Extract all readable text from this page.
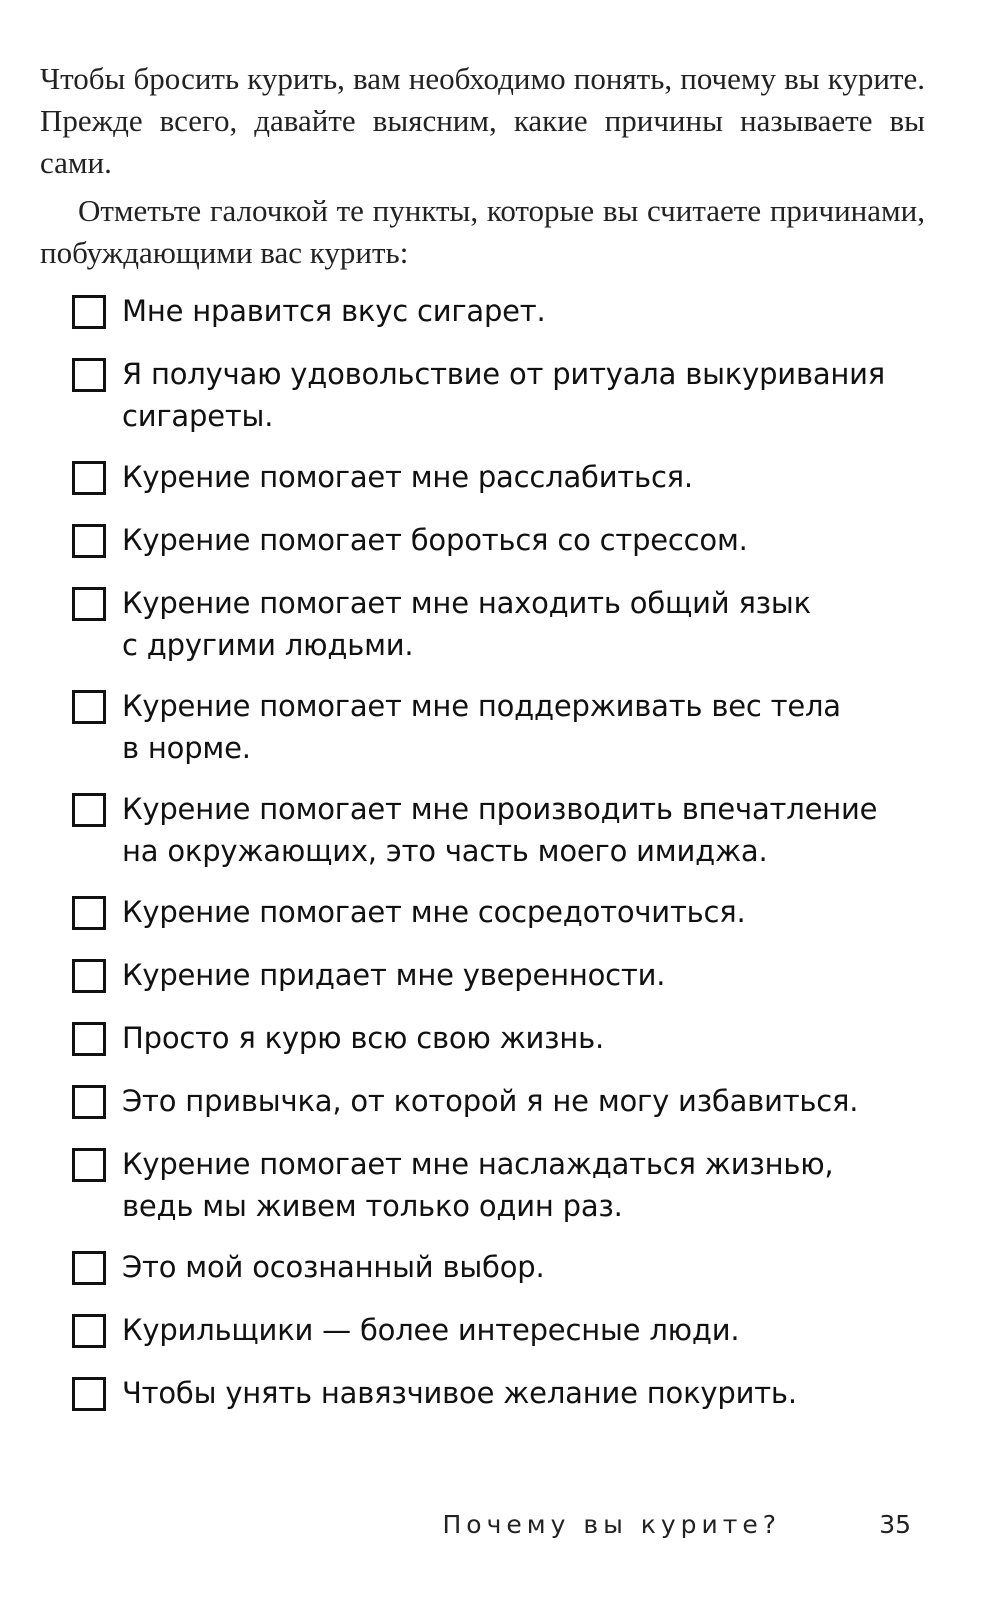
Чтобы бросить курить, вам необходимо понять, почему вы курите. Прежде всего, давайте выясним, какие причины называете вы сами.

Отметьте галочкой те пункты, которые вы считаете причинами, побуждающими вас курить:

Мне нравится вкус сигарет.
Я получаю удовольствие от ритуала выкуривания
сигареты.
Курение помогает мне расслабиться.
Курение помогает бороться со стрессом.
Курение помогает мне находить общий язык
с другими людьми.
Курение помогает мне поддерживать вес тела
в норме.
Курение помогает мне производить впечатление
на окружающих, это часть моего имиджа.
Курение помогает мне сосредоточиться.
Курение придает мне уверенности.
Просто я курю всю свою жизнь.
Это привычка, от которой я не могу избавиться.
Курение помогает мне наслаждаться жизнью,
ведь мы живем только один раз.
Это мой осознанный выбор.
Курильщики — более интересные люди.
Чтобы унять навязчивое желание покурить.
Почему вы курите?	35
